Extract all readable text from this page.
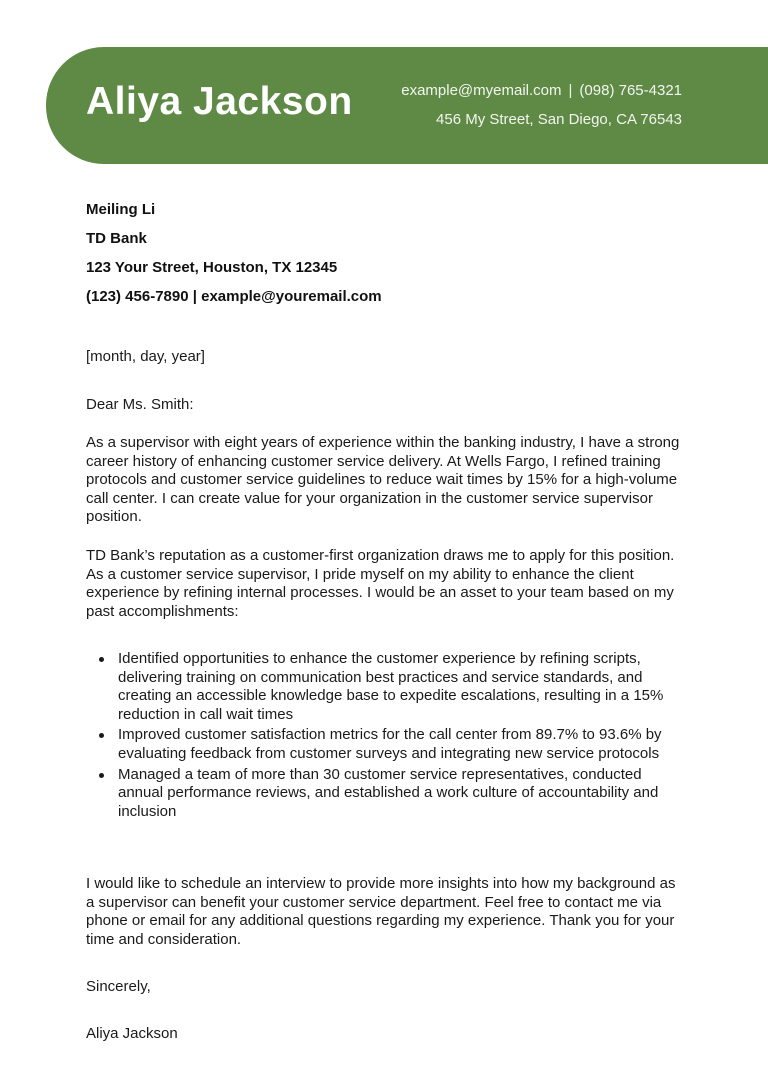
Aliya Jackson	example@myemail.com | (098) 765-4321
456 My Street, San Diego, CA 76543
Meiling Li
TD Bank
123 Your Street, Houston, TX 12345
(123) 456-7890 | example@youremail.com
[month, day, year]
Dear Ms. Smith:
As a supervisor with eight years of experience within the banking industry, I have a strong career history of enhancing customer service delivery. At Wells Fargo, I refined training protocols and customer service guidelines to reduce wait times by 15% for a high-volume call center. I can create value for your organization in the customer service supervisor position.
TD Bank’s reputation as a customer-first organization draws me to apply for this position. As a customer service supervisor, I pride myself on my ability to enhance the client experience by refining internal processes. I would be an asset to your team based on my past accomplishments:
Identified opportunities to enhance the customer experience by refining scripts, delivering training on communication best practices and service standards, and creating an accessible knowledge base to expedite escalations, resulting in a 15% reduction in call wait times
Improved customer satisfaction metrics for the call center from 89.7% to 93.6% by evaluating feedback from customer surveys and integrating new service protocols
Managed a team of more than 30 customer service representatives, conducted annual performance reviews, and established a work culture of accountability and inclusion
I would like to schedule an interview to provide more insights into how my background as a supervisor can benefit your customer service department. Feel free to contact me via phone or email for any additional questions regarding my experience. Thank you for your time and consideration.
Sincerely,
Aliya Jackson
